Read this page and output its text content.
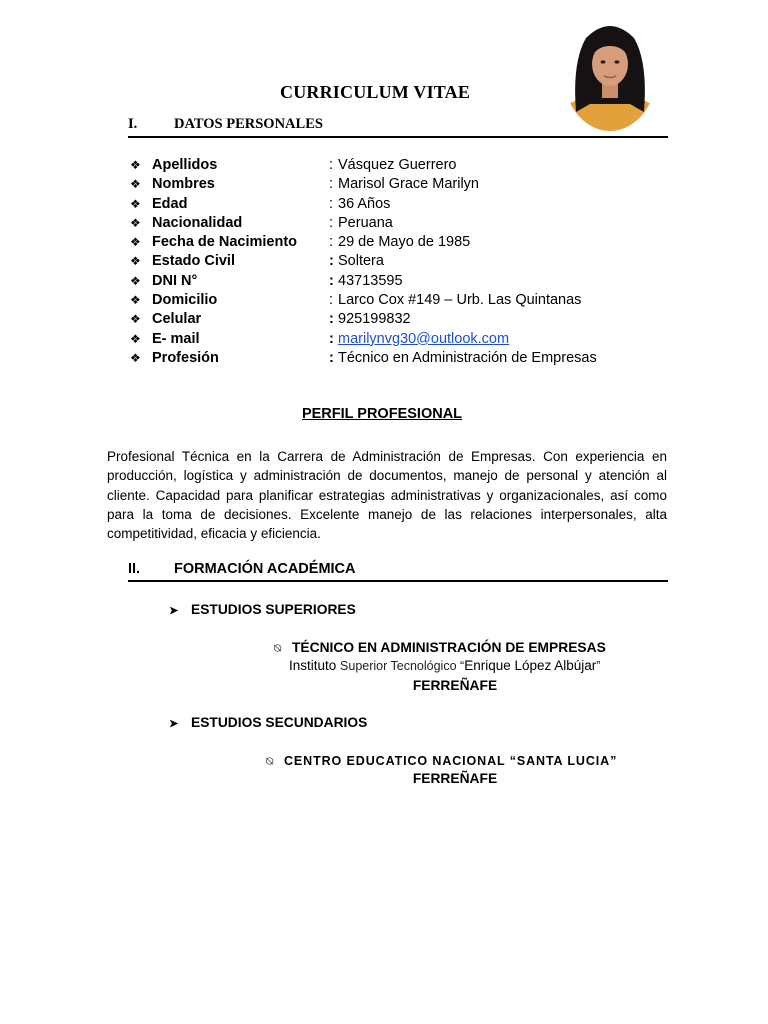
CURRICULUM VITAE
I.	DATOS PERSONALES
❖ Apellidos	: Vásquez Guerrero
❖ Nombres	: Marisol Grace Marilyn
❖ Edad	: 36 Años
❖ Nacionalidad	: Peruana
❖ Fecha de Nacimiento : 29 de Mayo de 1985
❖ Estado Civil	: Soltera
❖ DNI N°	: 43713595
❖ Domicilio	: Larco Cox #149 – Urb. Las Quintanas
❖ Celular	: 925199832
❖ E- mail	: marilynvg30@outlook.com
❖ Profesión	: Técnico en Administración de Empresas
PERFIL PROFESIONAL
Profesional Técnica en la Carrera de Administración de Empresas. Con experiencia en producción, logística y administración de documentos, manejo de personal y atención al cliente. Capacidad para planificar estrategias administrativas y organizacionales, así como para la toma de decisiones. Excelente manejo de las relaciones interpersonales, alta competitividad, eficacia y eficiencia.
II. FORMACIÓN ACADÉMICA
➤ ESTUDIOS SUPERIORES
⍉ TÉCNICO EN ADMINISTRACIÓN DE EMPRESAS
Instituto Superior Tecnológico “Enrique López Albújar”
FERREÑAFE
➤ ESTUDIOS SECUNDARIOS
⍉ CENTRO EDUCATICO NACIONAL “SANTA LUCIA”
FERREÑAFE
